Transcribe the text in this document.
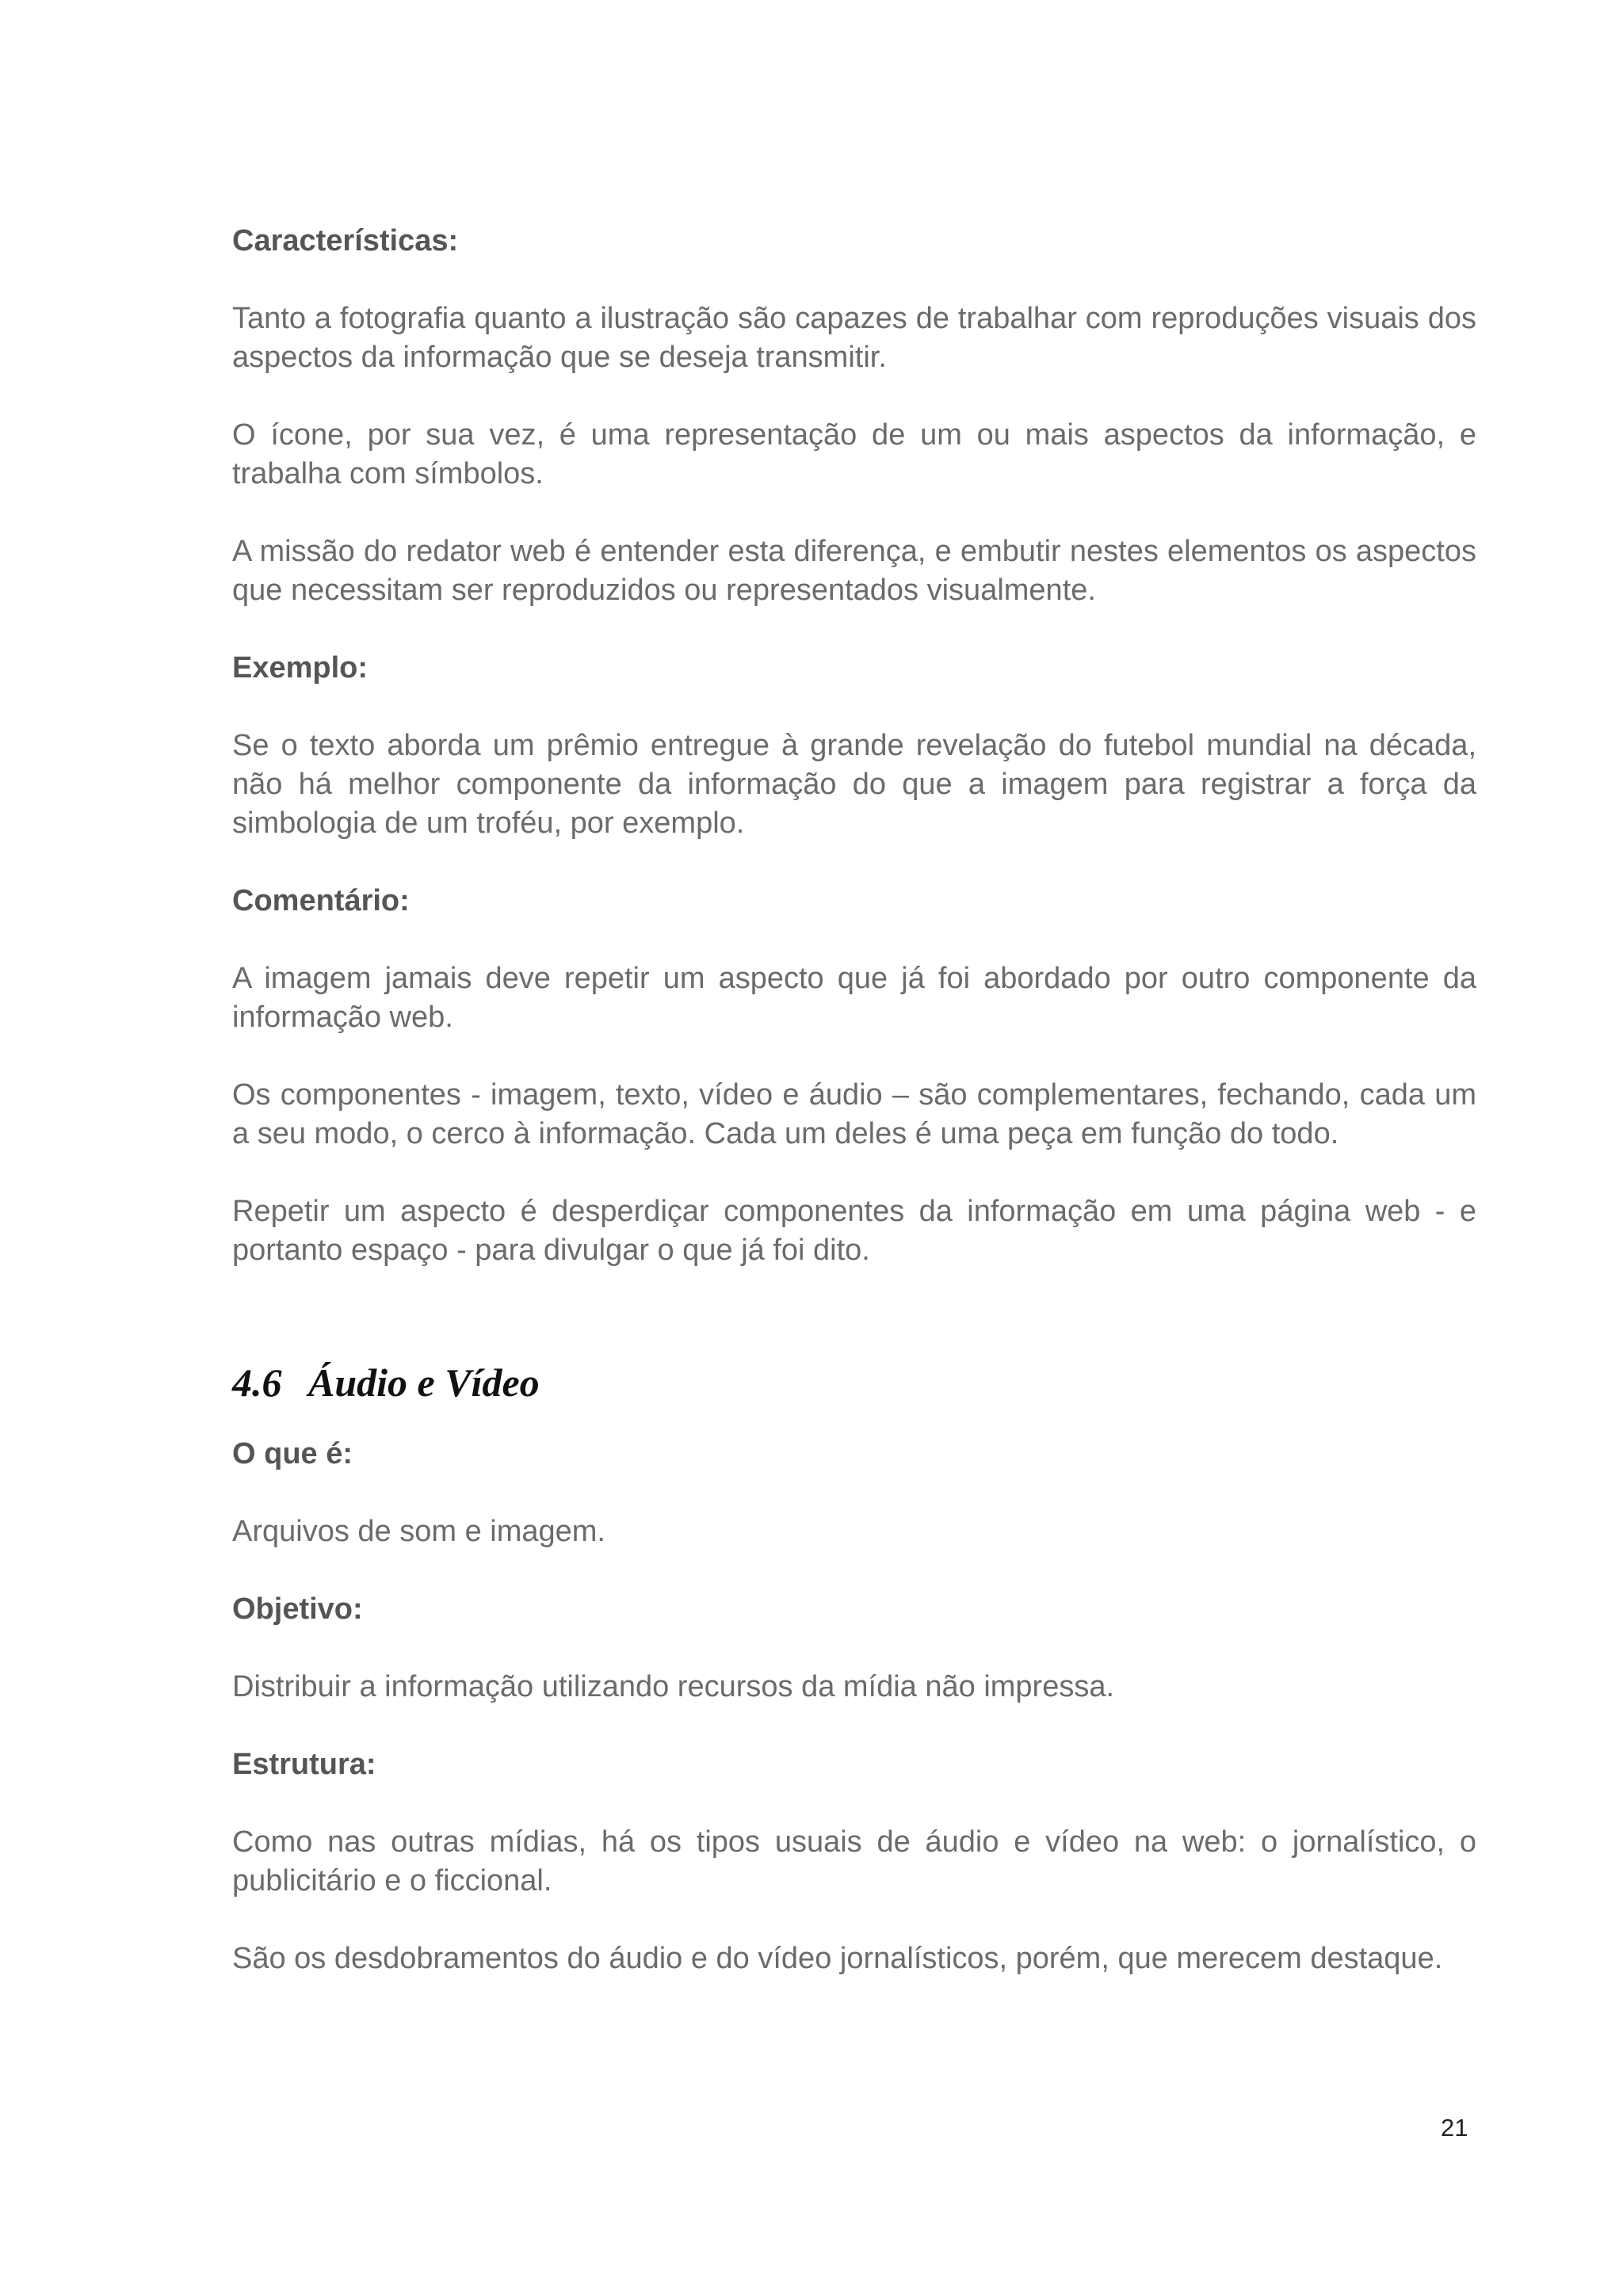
Características:

Tanto a fotografia quanto a ilustração são capazes de trabalhar com reproduções visuais dos aspectos da informação que se deseja transmitir.

O ícone, por sua vez, é uma representação de um ou mais aspectos da informação, e trabalha com símbolos.

A missão do redator web é entender esta diferença, e embutir nestes elementos os aspectos que necessitam ser reproduzidos ou representados visualmente.

Exemplo:

Se o texto aborda um prêmio entregue à grande revelação do futebol mundial na década, não há melhor componente da informação do que a imagem para registrar a força da simbologia de um troféu, por exemplo.

Comentário:

A imagem jamais deve repetir um aspecto que já foi abordado por outro componente da informação web.

Os componentes - imagem, texto, vídeo e áudio – são complementares, fechando, cada um a seu modo, o cerco à informação. Cada um deles é uma peça em função do todo.

Repetir um aspecto é desperdiçar componentes da informação em uma página web - e portanto espaço - para divulgar o que já foi dito.

4.6 Áudio e Vídeo

O que é:

Arquivos de som e imagem.

Objetivo:

Distribuir a informação utilizando recursos da mídia não impressa.

Estrutura:

Como nas outras mídias, há os tipos usuais de áudio e vídeo na web: o jornalístico, o publicitário e o ficcional.

São os desdobramentos do áudio e do vídeo jornalísticos, porém, que merecem destaque.

21
